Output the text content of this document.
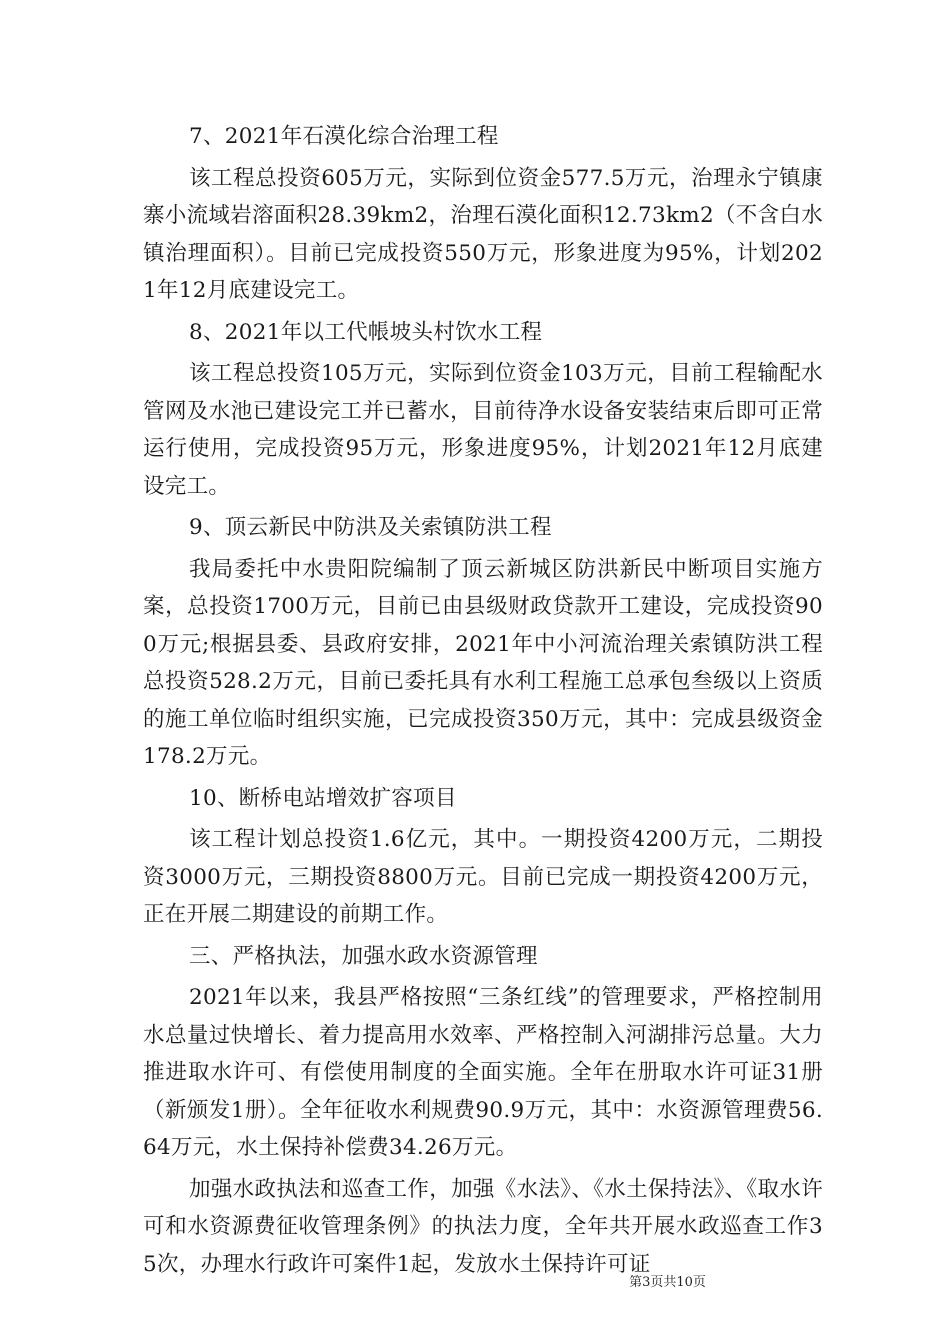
7、2021年石漠化综合治理工程

该工程总投资605万元，实际到位资金577.5万元，治理永宁镇康寨小流域岩溶面积28.39km2，治理石漠化面积12.73km2（不含白水镇治理面积）。目前已完成投资550万元，形象进度为95%，计划2021年12月底建设完工。

8、2021年以工代帳坡头村饮水工程

该工程总投资105万元，实际到位资金103万元，目前工程输配水管网及水池已建设完工并已蓄水，目前待净水设备安装结束后即可正常运行使用，完成投资95万元，形象进度95%，计划2021年12月底建设完工。

9、顶云新民中防洪及关索镇防洪工程

我局委托中水贵阳院编制了顶云新城区防洪新民中断项目实施方案，总投资1700万元，目前已由县级财政贷款开工建设，完成投资900万元;根据县委、县政府安排，2021年中小河流治理关索镇防洪工程总投资528.2万元，目前已委托具有水利工程施工总承包叁级以上资质的施工单位临时组织实施，已完成投资350万元，其中：完成县级资金178.2万元。

10、断桥电站增效扩容项目

该工程计划总投资1.6亿元，其中。一期投资4200万元，二期投资3000万元，三期投资8800万元。目前已完成一期投资4200万元，正在开展二期建设的前期工作。

三、严格执法，加强水政水资源管理

2021年以来，我县严格按照“三条红线”的管理要求，严格控制用水总量过快增长、着力提高用水效率、严格控制入河湖排污总量。大力推进取水许可、有偿使用制度的全面实施。全年在册取水许可证31册（新颁发1册）。全年征收水利规费90.9万元，其中：水资源管理费56.64万元，水土保持补偿费34.26万元。

加强水政执法和巡查工作，加强《水法》、《水土保持法》、《取水许可和水资源费征收管理条例》的执法力度，全年共开展水政巡查工作35次，办理水行政许可案件1起，发放水土保持许可证

第3页共10页
